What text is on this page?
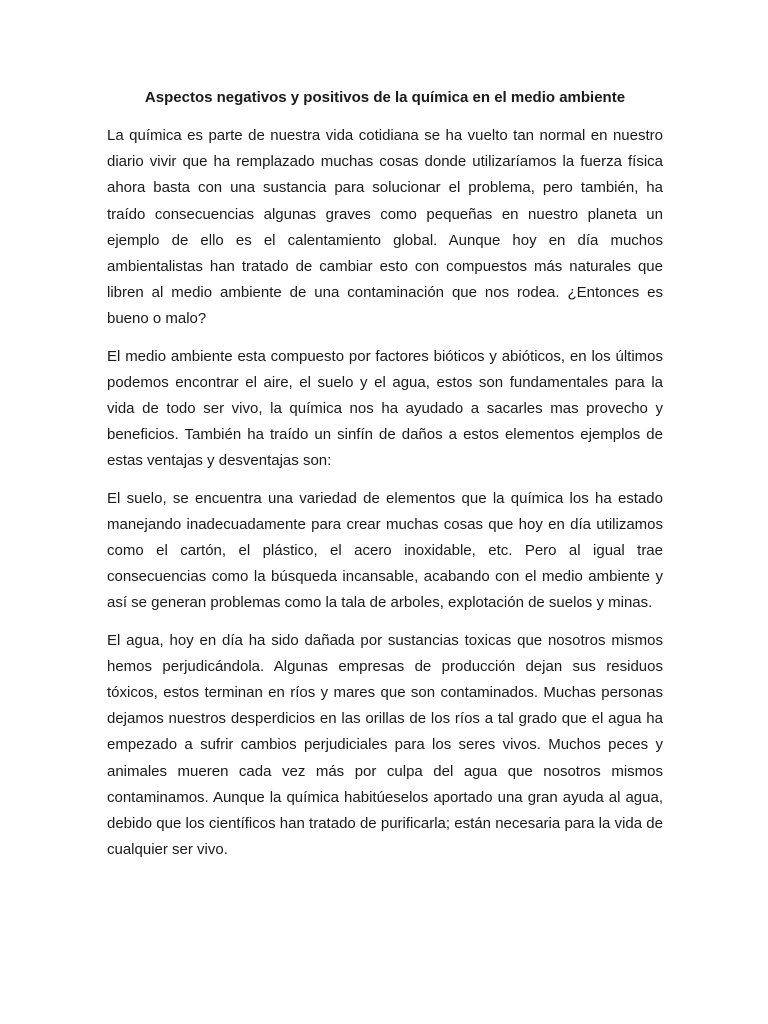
Aspectos negativos y positivos de la química en el medio ambiente

La química es parte de nuestra vida cotidiana se ha vuelto tan normal en nuestro diario vivir que ha remplazado muchas cosas donde utilizaríamos la fuerza física ahora basta con una sustancia para solucionar el problema, pero también, ha traído consecuencias algunas graves como pequeñas en nuestro planeta un ejemplo de ello es el calentamiento global. Aunque hoy en día muchos ambientalistas han tratado de cambiar esto con compuestos más naturales que libren al medio ambiente de una contaminación que nos rodea. ¿Entonces es bueno o malo?

El medio ambiente esta compuesto por factores bióticos y abióticos, en los últimos podemos encontrar el aire, el suelo y el agua, estos son fundamentales para la vida de todo ser vivo, la química nos ha ayudado a sacarles mas provecho y beneficios. También ha traído un sinfín de daños a estos elementos ejemplos de estas ventajas y desventajas son:

El suelo, se encuentra una variedad de elementos que la química los ha estado manejando inadecuadamente para crear muchas cosas que hoy en día utilizamos como el cartón, el plástico, el acero inoxidable, etc. Pero al igual trae consecuencias como la búsqueda incansable, acabando con el medio ambiente y así se generan problemas como la tala de arboles, explotación de suelos y minas.

El agua, hoy en día ha sido dañada por sustancias toxicas que nosotros mismos hemos perjudicándola. Algunas empresas de producción dejan sus residuos tóxicos, estos terminan en ríos y mares que son contaminados. Muchas personas dejamos nuestros desperdicios en las orillas de los ríos a tal grado que el agua ha empezado a sufrir cambios perjudiciales para los seres vivos. Muchos peces y animales mueren cada vez más por culpa del agua que nosotros mismos contaminamos. Aunque la química habitúeselos aportado una gran ayuda al agua, debido que los científicos han tratado de purificarla; están necesaria para la vida de cualquier ser vivo.
